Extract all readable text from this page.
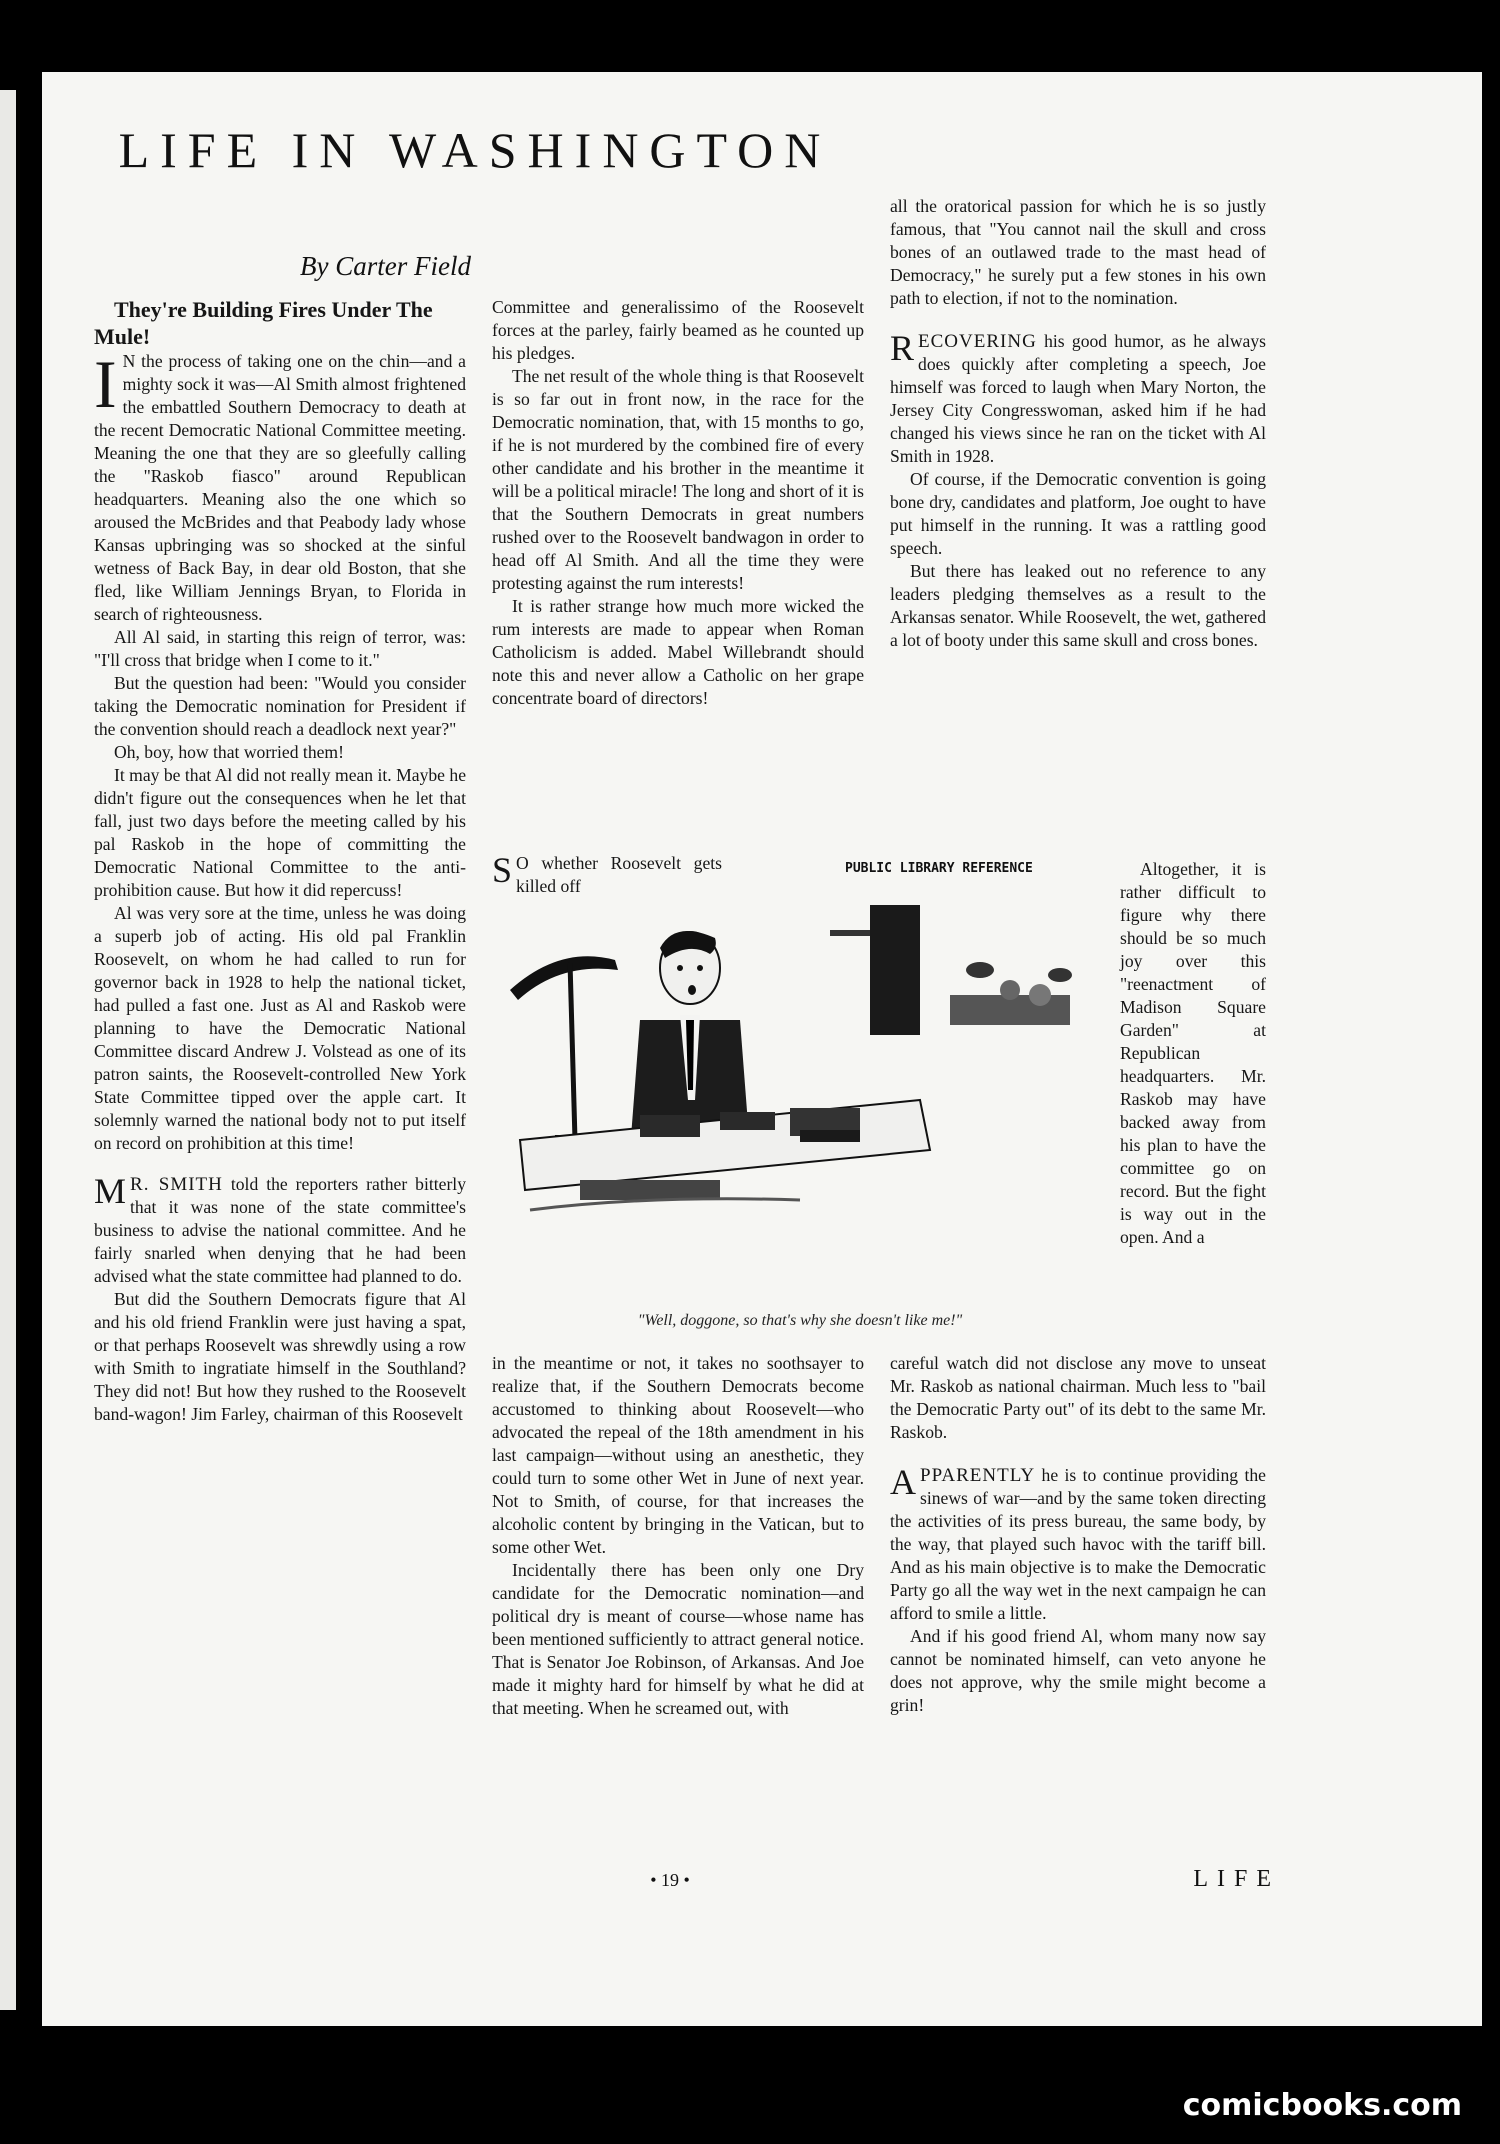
LIFE IN WASHINGTON
By Carter Field

They're Building Fires Under The Mule!

I N the process of taking one on the chin—and a mighty sock it was—Al Smith almost frightened the embattled Southern Democracy to death at the recent Democratic National Committee meeting. Meaning the one that they are so gleefully calling the "Raskob fiasco" around Republican headquarters. Meaning also the one which so aroused the McBrides and that Peabody lady whose Kansas upbringing was so shocked at the sinful wetness of Back Bay, in dear old Boston, that she fled, like William Jennings Bryan, to Florida in search of righteousness.

All Al said, in starting this reign of terror, was: "I'll cross that bridge when I come to it."

But the question had been: "Would you consider taking the Democratic nomination for President if the convention should reach a deadlock next year?"

Oh, boy, how that worried them!

It may be that Al did not really mean it. Maybe he didn't figure out the consequences when he let that fall, just two days before the meeting called by his pal Raskob in the hope of committing the Democratic National Committee to the anti-prohibition cause. But how it did repercuss!

Al was very sore at the time, unless he was doing a superb job of acting. His old pal Franklin Roosevelt, on whom he had called to run for governor back in 1928 to help the national ticket, had pulled a fast one. Just as Al and Raskob were planning to have the Democratic National Committee discard Andrew J. Volstead as one of its patron saints, the Roosevelt-controlled New York State Committee tipped over the apple cart. It solemnly warned the national body not to put itself on record on prohibition at this time!

M R. SMITH told the reporters rather bitterly that it was none of the state committee's business to advise the national committee. And he fairly snarled when denying that he had been advised what the state committee had planned to do.

But did the Southern Democrats figure that Al and his old friend Franklin were just having a spat, or that perhaps Roosevelt was shrewdly using a row with Smith to ingratiate himself in the Southland? They did not! But how they rushed to the Roosevelt band-wagon! Jim Farley, chairman of this Roosevelt

Committee and generalissimo of the Roosevelt forces at the parley, fairly beamed as he counted up his pledges.

The net result of the whole thing is that Roosevelt is so far out in front now, in the race for the Democratic nomination, that, with 15 months to go, if he is not murdered by the combined fire of every other candidate and his brother in the meantime it will be a political miracle! The long and short of it is that the Southern Democrats in great numbers rushed over to the Roosevelt bandwagon in order to head off Al Smith. And all the time they were protesting against the rum interests!

It is rather strange how much more wicked the rum interests are made to appear when Roman Catholicism is added. Mabel Willebrandt should note this and never allow a Catholic on her grape concentrate board of directors!

S O whether Roosevelt gets killed off

PUBLIC LIBRARY REFERENCE
"Well, doggone, so that's why she doesn't like me!"

in the meantime or not, it takes no soothsayer to realize that, if the Southern Democrats become accustomed to thinking about Roosevelt—who advocated the repeal of the 18th amendment in his last campaign—without using an anesthetic, they could turn to some other Wet in June of next year. Not to Smith, of course, for that increases the alcoholic content by bringing in the Vatican, but to some other Wet.

Incidentally there has been only one Dry candidate for the Democratic nomination—and political dry is meant of course—whose name has been mentioned sufficiently to attract general notice. That is Senator Joe Robinson, of Arkansas. And Joe made it mighty hard for himself by what he did at that meeting. When he screamed out, with

all the oratorical passion for which he is so justly famous, that "You cannot nail the skull and cross bones of an outlawed trade to the mast head of Democracy," he surely put a few stones in his own path to election, if not to the nomination.

RECOVERING his good humor, as he always does quickly after completing a speech, Joe himself was forced to laugh when Mary Norton, the Jersey City Congresswoman, asked him if he had changed his views since he ran on the ticket with Al Smith in 1928.

Of course, if the Democratic convention is going bone dry, candidates and platform, Joe ought to have put himself in the running. It was a rattling good speech.

But there has leaked out no reference to any leaders pledging themselves as a result to the Arkansas senator. While Roosevelt, the wet, gathered a lot of booty under this same skull and cross bones.

Altogether, it is rather difficult to figure why there should be so much joy over this "reenactment of Madison Square Garden" at Republican headquarters. Mr. Raskob may have backed away from his plan to have the committee go on record. But the fight is way out in the open. And a

careful watch did not disclose any move to unseat Mr. Raskob as national chairman. Much less to "bail the Democratic Party out" of its debt to the same Mr. Raskob.

APPARENTLY he is to continue providing the sinews of war—and by the same token directing the activities of its press bureau, the same body, by the way, that played such havoc with the tariff bill. And as his main objective is to make the Democratic Party go all the way wet in the next campaign he can afford to smile a little.

And if his good friend Al, whom many now say cannot be nominated himself, can veto anyone he does not approve, why the smile might become a grin!

• 19 •	LIFE
comicbooks.com
